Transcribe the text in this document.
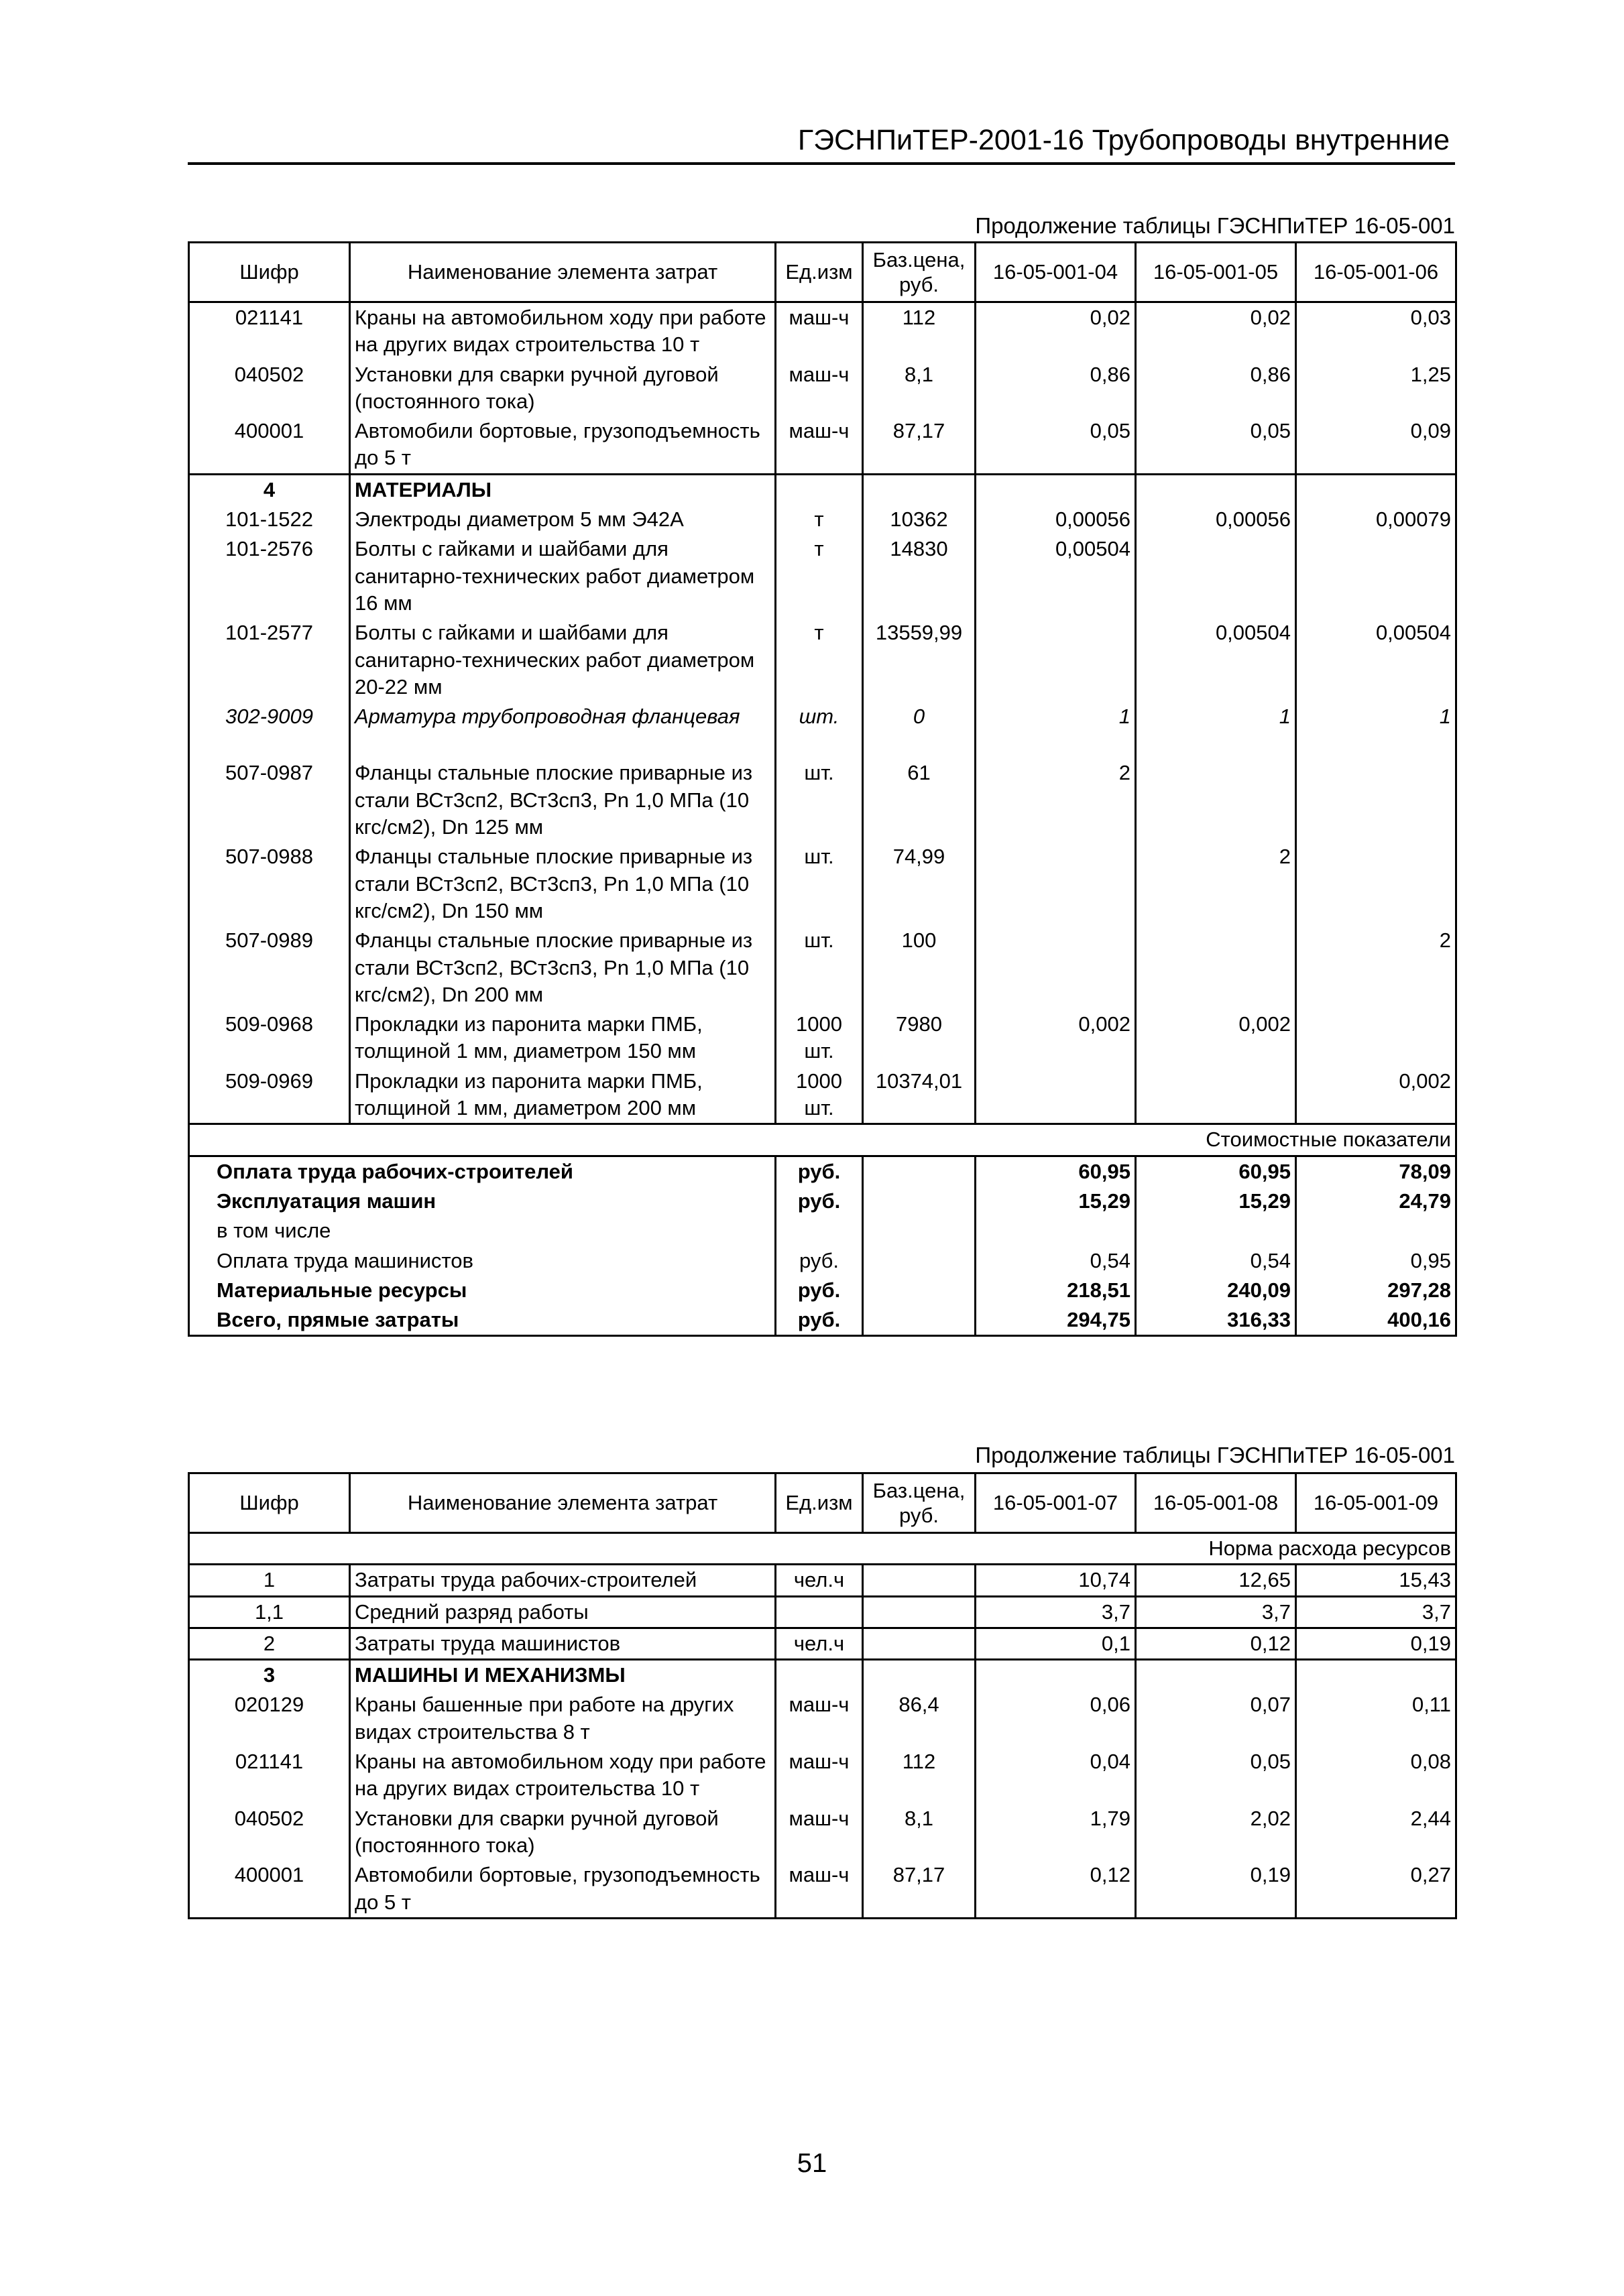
ГЭСНПиТЕР-2001-16 Трубопроводы внутренние
Продолжение таблицы ГЭСНПиТЕР 16-05-001
Шифр	Наименование элемента затрат	Ед.изм	Баз.цена, руб.	16-05-001-04	16-05-001-05	16-05-001-06
021141	Краны на автомобильном ходу при работе на других видах строительства 10 т	маш-ч	112	0,02	0,02	0,03
040502	Установки для сварки ручной дуговой (постоянного тока)	маш-ч	8,1	0,86	0,86	1,25
400001	Автомобили бортовые, грузоподъемность до 5 т	маш-ч	87,17	0,05	0,05	0,09
4	МАТЕРИАЛЫ					
101-1522	Электроды диаметром 5 мм Э42А	т	10362	0,00056	0,00056	0,00079
101-2576	Болты с гайками и шайбами для санитарно-технических работ диаметром 16 мм	т	14830	0,00504		
101-2577	Болты с гайками и шайбами для санитарно-технических работ диаметром 20-22 мм	т	13559,99		0,00504	0,00504
302-9009	Арматура трубопроводная фланцевая	шт.	0	1	1	1
507-0987	Фланцы стальные плоские приварные из стали ВСт3сп2, ВСт3сп3, Рn 1,0 МПа (10 кгс/см2), Dn 125 мм	шт.	61	2		
507-0988	Фланцы стальные плоские приварные из стали ВСт3сп2, ВСт3сп3, Рn 1,0 МПа (10 кгс/см2), Dn 150 мм	шт.	74,99		2	
507-0989	Фланцы стальные плоские приварные из стали ВСт3сп2, ВСт3сп3, Рn 1,0 МПа (10 кгс/см2), Dn 200 мм	шт.	100			2
509-0968	Прокладки из паронита марки ПМБ, толщиной 1 мм, диаметром 150 мм	1000 шт.	7980	0,002	0,002	
509-0969	Прокладки из паронита марки ПМБ, толщиной 1 мм, диаметром 200 мм	1000 шт.	10374,01			0,002
Стоимостные показатели						
Оплата труда рабочих-строителей		руб.		60,95	60,95	78,09
Эксплуатация машин		руб.		15,29	15,29	24,79
в том числе						
Оплата труда машинистов		руб.		0,54	0,54	0,95
Материальные ресурсы		руб.		218,51	240,09	297,28
Всего, прямые затраты		руб.		294,75	316,33	400,16
Продолжение таблицы ГЭСНПиТЕР 16-05-001
Шифр	Наименование элемента затрат	Ед.изм	Баз.цена, руб.	16-05-001-07	16-05-001-08	16-05-001-09
Норма расхода ресурсов						
1	Затраты труда рабочих-строителей	чел.ч		10,74	12,65	15,43
1,1	Средний разряд работы			3,7	3,7	3,7
2	Затраты труда машинистов	чел.ч		0,1	0,12	0,19
3	МАШИНЫ И МЕХАНИЗМЫ					
020129	Краны башенные при работе на других видах строительства 8 т	маш-ч	86,4	0,06	0,07	0,11
021141	Краны на автомобильном ходу при работе на других видах строительства 10 т	маш-ч	112	0,04	0,05	0,08
040502	Установки для сварки ручной дуговой (постоянного тока)	маш-ч	8,1	1,79	2,02	2,44
400001	Автомобили бортовые, грузоподъемность до 5 т	маш-ч	87,17	0,12	0,19	0,27
51
